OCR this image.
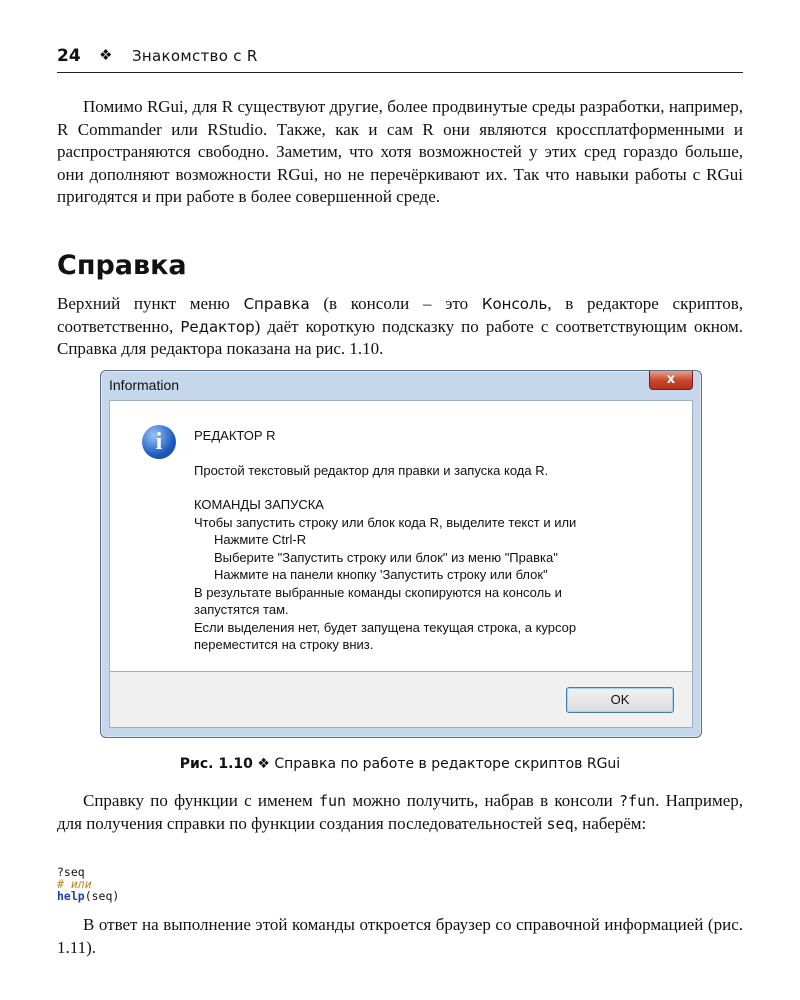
24 ❖ Знакомство с R

Помимо RGui, для R существуют другие, более продвинутые среды разработки, например, R Commander или RStudio. Также, как и сам R они являются кроссплатформенными и распространяются свободно. Заметим, что хотя возможностей у этих сред гораздо больше, они дополняют возможности RGui, но не перечёркивают их. Так что навыки работы с RGui пригодятся и при работе в более совершенной среде.

Справка

Верхний пункт меню Справка (в консоли – это Консоль, в редакторе скриптов, соответственно, Редактор) даёт короткую подсказку по работе с соответствующим окном. Справка для редактора показана на рис. 1.10.

Information	x
i	РЕДАКТОР R
Простой текстовый редактор для правки и запуска кода R.
КОМАНДЫ ЗАПУСКА
Чтобы запустить строку или блок кода R, выделите текст и или
Нажмите Ctrl-R
Выберите "Запустить строку или блок" из меню "Правка"
Нажмите на панели кнопку 'Запустить строку или блок"
В результате выбранные команды скопируются на консоль и
запустятся там.
Если выделения нет, будет запущена текущая строка, а курсор
переместится на строку вниз.
OK
Рис. 1.10 ❖ Справка по работе в редакторе скриптов RGui

Справку по функции с именем fun можно получить, набрав в консоли ?fun. Например, для получения справки по функции создания последовательностей seq, наберём:

?seq
# или
help(seq)

В ответ на выполнение этой команды откроется браузер со справочной информацией (рис. 1.11).
